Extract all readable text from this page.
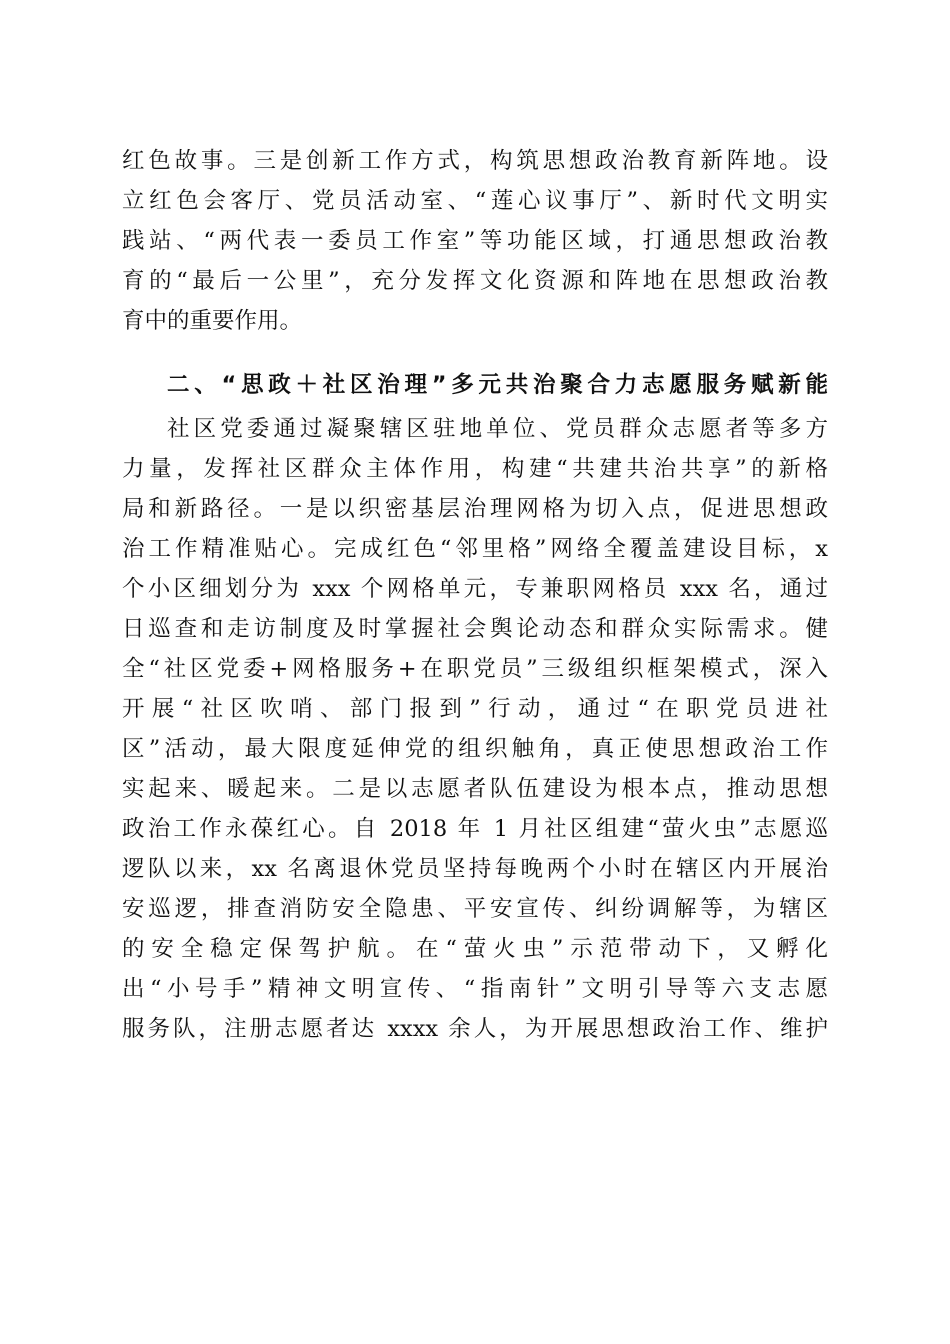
红色故事。三是创新工作方式，构筑思想政治教育新阵地。设
立红色会客厅、党员活动室、“莲心议事厅”、新时代文明实
践站、“两代表一委员工作室”等功能区域，打通思想政治教
育的“最后一公里”，充分发挥文化资源和阵地在思想政治教
育中的重要作用。
二、“思政＋社区治理”多元共治聚合力志愿服务赋新能
社区党委通过凝聚辖区驻地单位、党员群众志愿者等多方
力量，发挥社区群众主体作用，构建“共建共治共享”的新格
局和新路径。一是以织密基层治理网格为切入点，促进思想政
治工作精准贴心。完成红色“邻里格”网络全覆盖建设目标，x
个小区细划分为 xxx 个网格单元，专兼职网格员 xxx 名，通过
日巡查和走访制度及时掌握社会舆论动态和群众实际需求。健
全“社区党委+网格服务+在职党员”三级组织框架模式，深入
开展“社区吹哨、部门报到”行动，通过“在职党员进社
区”活动，最大限度延伸党的组织触角，真正使思想政治工作
实起来、暖起来。二是以志愿者队伍建设为根本点，推动思想
政治工作永葆红心。自 2018 年 1 月社区组建“萤火虫”志愿巡
逻队以来，xx 名离退休党员坚持每晚两个小时在辖区内开展治
安巡逻，排查消防安全隐患、平安宣传、纠纷调解等，为辖区
的安全稳定保驾护航。在“萤火虫”示范带动下，又孵化
出“小号手”精神文明宣传、“指南针”文明引导等六支志愿
服务队，注册志愿者达 xxxx 余人，为开展思想政治工作、维护
